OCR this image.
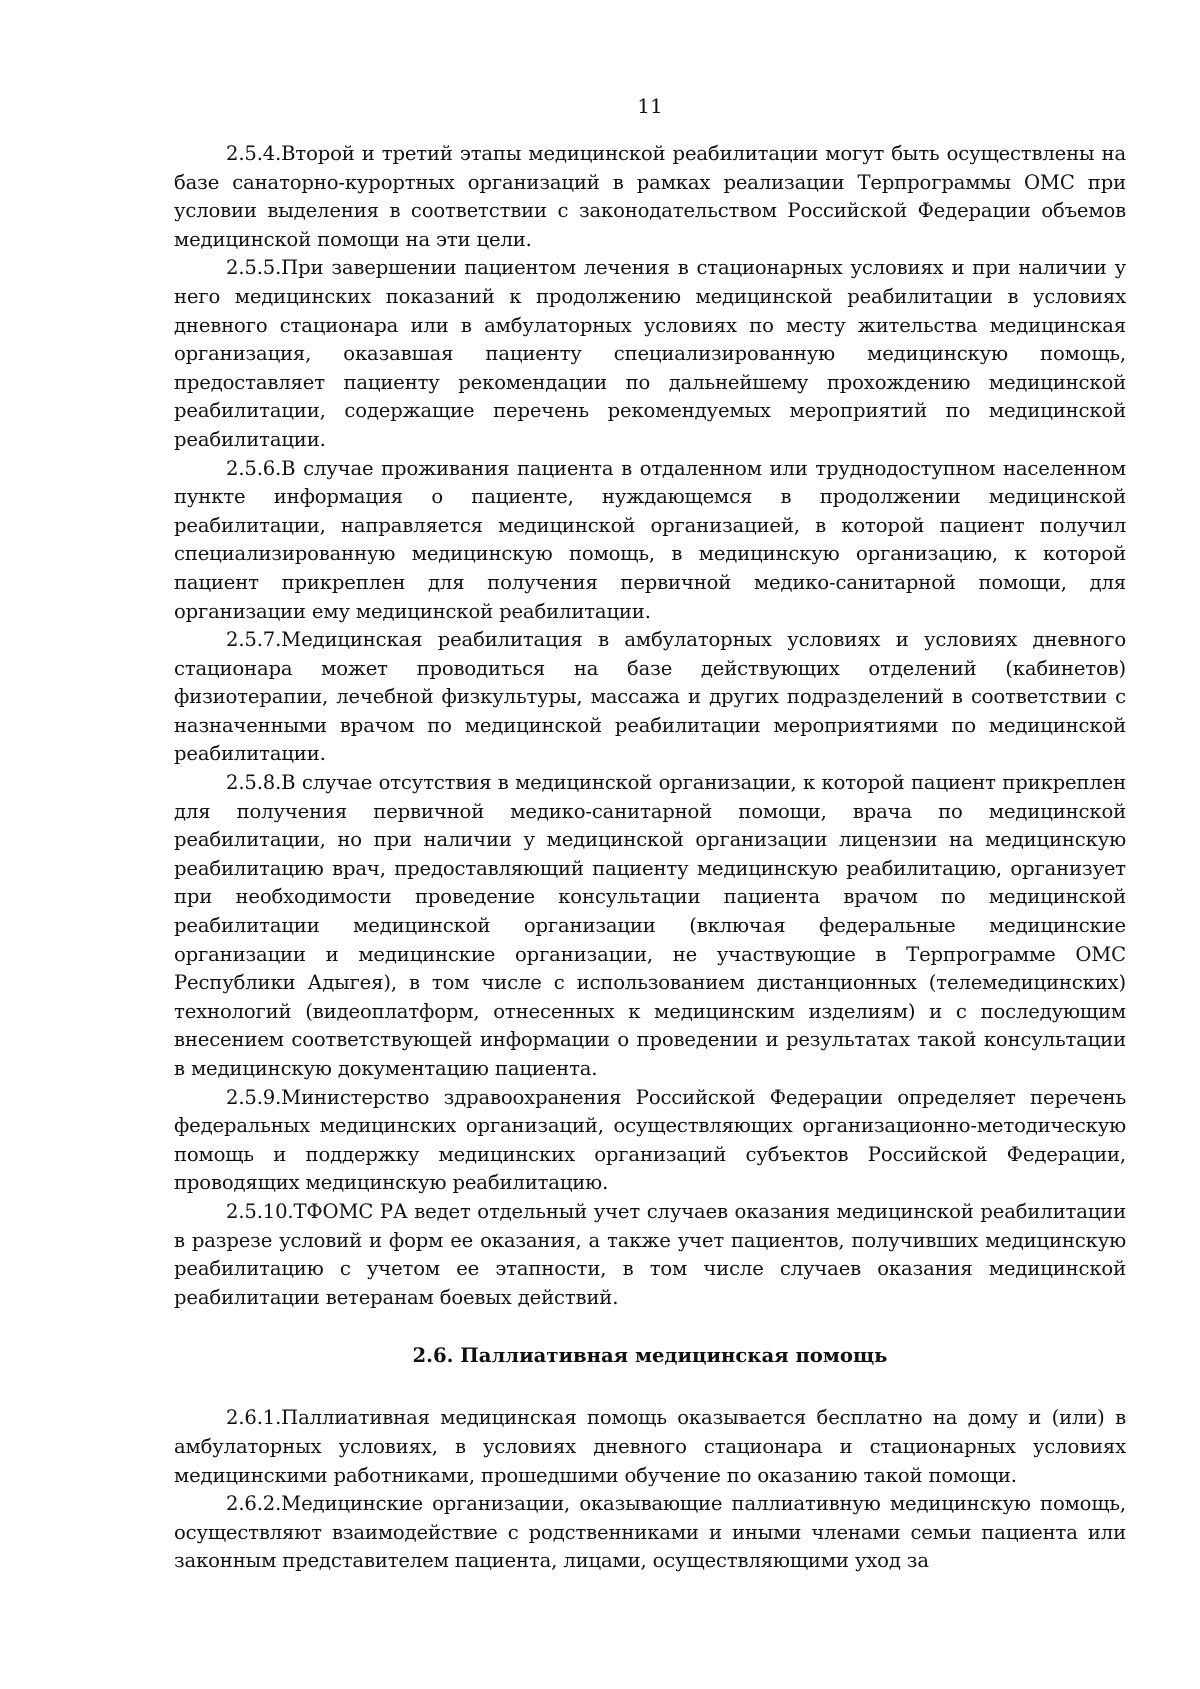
11

2.5.4.Второй и третий этапы медицинской реабилитации могут быть осуществлены на базе санаторно-курортных организаций в рамках реализации Терпрограммы ОМС при условии выделения в соответствии с законодательством Российской Федерации объемов медицинской помощи на эти цели.

2.5.5.При завершении пациентом лечения в стационарных условиях и при наличии у него медицинских показаний к продолжению медицинской реабилитации в условиях дневного стационара или в амбулаторных условиях по месту жительства медицинская организация, оказавшая пациенту специализированную медицинскую помощь, предоставляет пациенту рекомендации по дальнейшему прохождению медицинской реабилитации, содержащие перечень рекомендуемых мероприятий по медицинской реабилитации.

2.5.6.В случае проживания пациента в отдаленном или труднодоступном населенном пункте информация о пациенте, нуждающемся в продолжении медицинской реабилитации, направляется медицинской организацией, в которой пациент получил специализированную медицинскую помощь, в медицинскую организацию, к которой пациент прикреплен для получения первичной медико-санитарной помощи, для организации ему медицинской реабилитации.

2.5.7.Медицинская реабилитация в амбулаторных условиях и условиях дневного стационара может проводиться на базе действующих отделений (кабинетов) физиотерапии, лечебной физкультуры, массажа и других подразделений в соответствии с назначенными врачом по медицинской реабилитации мероприятиями по медицинской реабилитации.

2.5.8.В случае отсутствия в медицинской организации, к которой пациент прикреплен для получения первичной медико-санитарной помощи, врача по медицинской реабилитации, но при наличии у медицинской организации лицензии на медицинскую реабилитацию врач, предоставляющий пациенту медицинскую реабилитацию, организует при необходимости проведение консультации пациента врачом по медицинской реабилитации медицинской организации (включая федеральные медицинские организации и медицинские организации, не участвующие в Терпрограмме ОМС Республики Адыгея), в том числе с использованием дистанционных (телемедицинских) технологий (видеоплатформ, отнесенных к медицинским изделиям) и с последующим внесением соответствующей информации о проведении и результатах такой консультации в медицинскую документацию пациента.

2.5.9.Министерство здравоохранения Российской Федерации определяет перечень федеральных медицинских организаций, осуществляющих организационно-методическую помощь и поддержку медицинских организаций субъектов Российской Федерации, проводящих медицинскую реабилитацию.

2.5.10.ТФОМС РА ведет отдельный учет случаев оказания медицинской реабилитации в разрезе условий и форм ее оказания, а также учет пациентов, получивших медицинскую реабилитацию с учетом ее этапности, в том числе случаев оказания медицинской реабилитации ветеранам боевых действий.

2.6. Паллиативная медицинская помощь

2.6.1.Паллиативная медицинская помощь оказывается бесплатно на дому и (или) в амбулаторных условиях, в условиях дневного стационара и стационарных условиях медицинскими работниками, прошедшими обучение по оказанию такой помощи.

2.6.2.Медицинские организации, оказывающие паллиативную медицинскую помощь, осуществляют взаимодействие с родственниками и иными членами семьи пациента или законным представителем пациента, лицами, осуществляющими уход за
